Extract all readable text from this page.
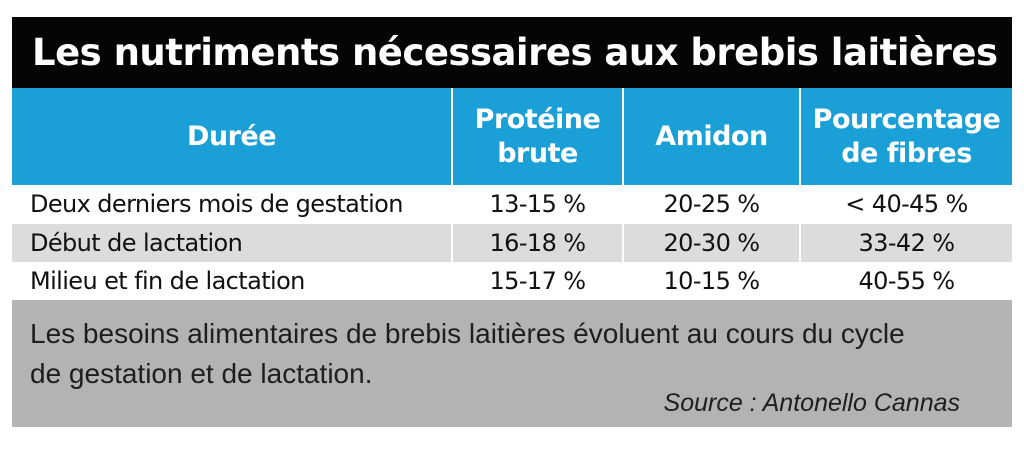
Les nutriments nécessaires aux brebis laitières
Durée	Protéine brute	Amidon	Pourcentage de fibres
Deux derniers mois de gestation	13-15 %	20-25 %	< 40-45 %
Début de lactation	16-18 %	20-30 %	33-42 %
Milieu et fin de lactation	15-17 %	10-15 %	40-55 %
Les besoins alimentaires de brebis laitières évoluent au cours du cycle de gestation et de lactation.
Source : Antonello Cannas
